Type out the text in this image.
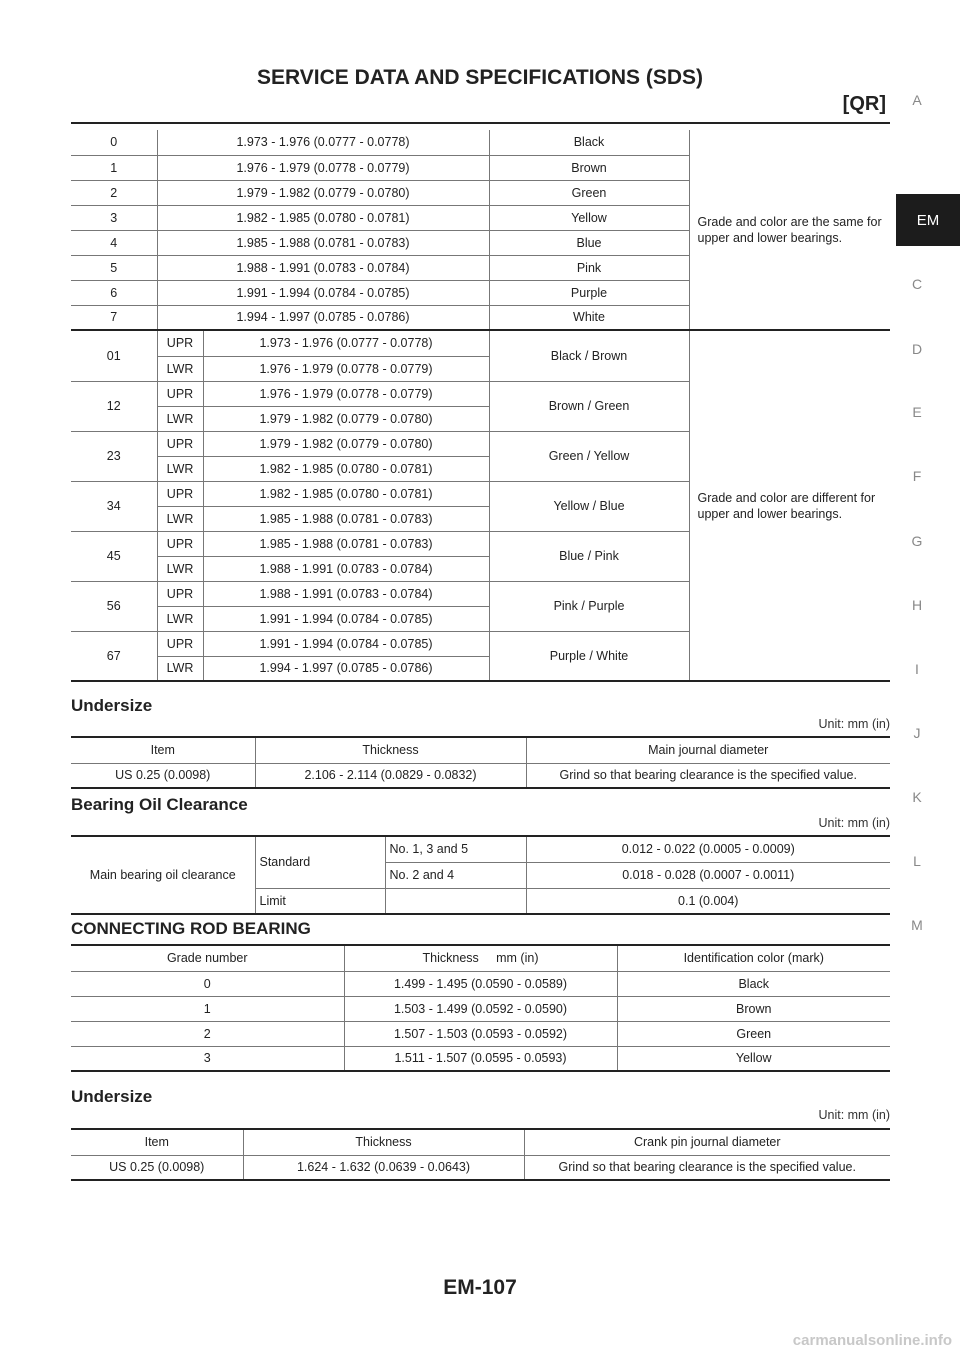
SERVICE DATA AND SPECIFICATIONS (SDS)
[QR]	A
EM
C
D
E
F
G
H
I
J
K
L
M
0	1.973 - 1.976 (0.0777 - 0.0778)	Black	Grade and color are the same for upper and lower bearings.
1	1.976 - 1.979 (0.0778 - 0.0779)	Brown	
2	1.979 - 1.982 (0.0779 - 0.0780)	Green	
3	1.982 - 1.985 (0.0780 - 0.0781)	Yellow	
4	1.985 - 1.988 (0.0781 - 0.0783)	Blue	
5	1.988 - 1.991 (0.0783 - 0.0784)	Pink	
6	1.991 - 1.994 (0.0784 - 0.0785)	Purple	
7	1.994 - 1.997 (0.0785 - 0.0786)	White	
01	UPR	1.973 - 1.976 (0.0777 - 0.0778)	Black / Brown	Grade and color are different for upper and lower bearings.
	LWR	1.976 - 1.979 (0.0778 - 0.0779)		
12	UPR	1.976 - 1.979 (0.0778 - 0.0779)	Brown / Green	
	LWR	1.979 - 1.982 (0.0779 - 0.0780)		
23	UPR	1.979 - 1.982 (0.0779 - 0.0780)	Green / Yellow	
	LWR	1.982 - 1.985 (0.0780 - 0.0781)		
34	UPR	1.982 - 1.985 (0.0780 - 0.0781)	Yellow / Blue	
	LWR	1.985 - 1.988 (0.0781 - 0.0783)		
45	UPR	1.985 - 1.988 (0.0781 - 0.0783)	Blue / Pink	
	LWR	1.988 - 1.991 (0.0783 - 0.0784)		
56	UPR	1.988 - 1.991 (0.0783 - 0.0784)	Pink / Purple	
	LWR	1.991 - 1.994 (0.0784 - 0.0785)		
67	UPR	1.991 - 1.994 (0.0784 - 0.0785)	Purple / White	
	LWR	1.994 - 1.997 (0.0785 - 0.0786)		
Undersize
Unit: mm (in)
Item	Thickness	Main journal diameter
US 0.25 (0.0098)	2.106 - 2.114 (0.0829 - 0.0832)	Grind so that bearing clearance is the specified value.
Bearing Oil Clearance
Unit: mm (in)
Main bearing oil clearance	Standard	No. 1, 3 and 5	0.012 - 0.022 (0.0005 - 0.0009)
		No. 2 and 4	0.018 - 0.028 (0.0007 - 0.0011)
	Limit		0.1 (0.004)
CONNECTING ROD BEARING
Grade number	Thickness     mm (in)	Identification color (mark)
0	1.499 - 1.495 (0.0590 - 0.0589)	Black
1	1.503 - 1.499 (0.0592 - 0.0590)	Brown
2	1.507 - 1.503 (0.0593 - 0.0592)	Green
3	1.511 - 1.507 (0.0595 - 0.0593)	Yellow
Undersize
Unit: mm (in)
Item	Thickness	Crank pin journal diameter
US 0.25 (0.0098)	1.624 - 1.632 (0.0639 - 0.0643)	Grind so that bearing clearance is the specified value.
EM-107
carmanualsonline.info
